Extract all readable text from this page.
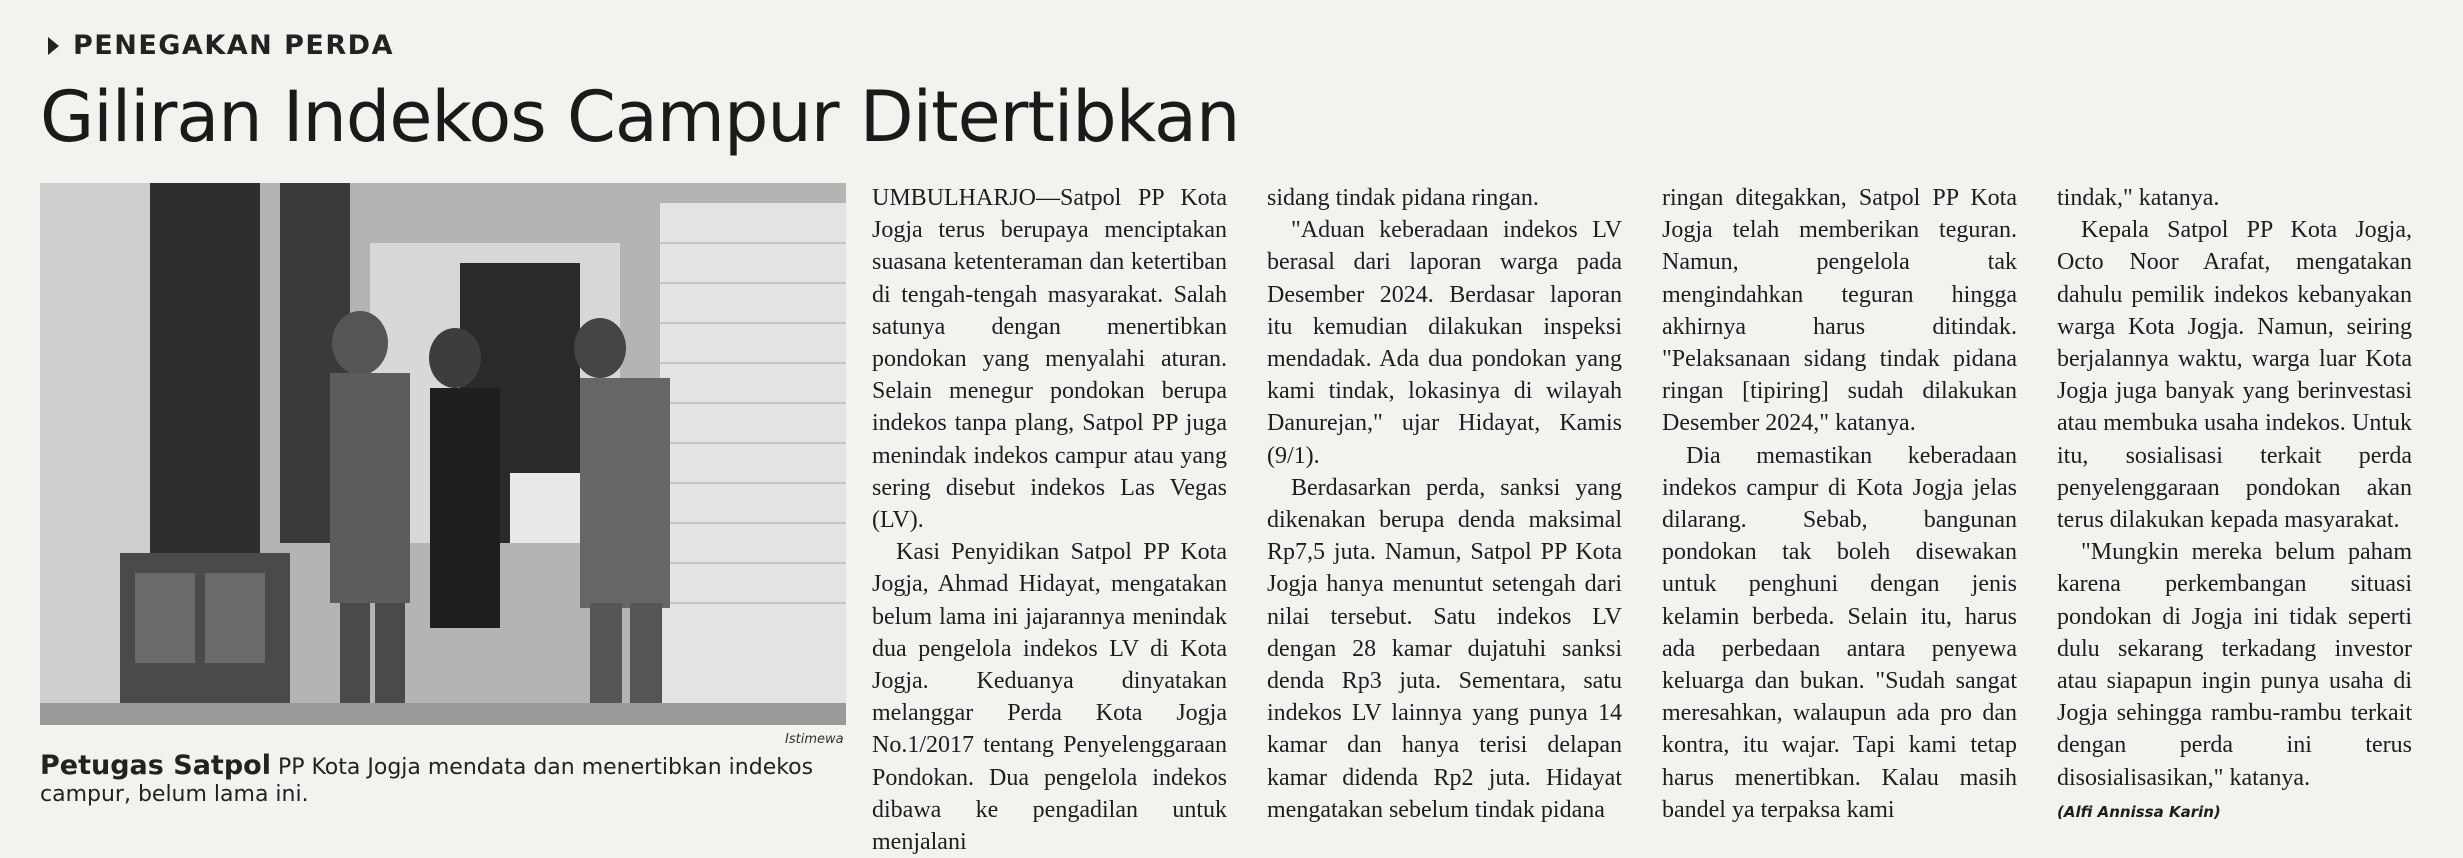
PENEGAKAN PERDA
Giliran Indekos Campur Ditertibkan
Istimewa
Petugas Satpol PP Kota Jogja mendata dan menertibkan indekos campur, belum lama ini.

UMBULHARJO—Satpol PP Kota Jogja terus berupaya menciptakan suasana ketenteraman dan ketertiban di tengah-tengah masyarakat. Salah satunya dengan menertibkan pondokan yang menyalahi aturan. Selain menegur pondokan berupa indekos tanpa plang, Satpol PP juga menindak indekos campur atau yang sering disebut indekos Las Vegas (LV).

Kasi Penyidikan Satpol PP Kota Jogja, Ahmad Hidayat, mengatakan belum lama ini jajarannya menindak dua pengelola indekos LV di Kota Jogja. Keduanya dinyatakan melanggar Perda Kota Jogja No.1/2017 tentang Penyelenggaraan Pondokan. Dua pengelola indekos dibawa ke pengadilan untuk menjalani

sidang tindak pidana ringan.

"Aduan keberadaan indekos LV berasal dari laporan warga pada Desember 2024. Berdasar laporan itu kemudian dilakukan inspeksi mendadak. Ada dua pondokan yang kami tindak, lokasinya di wilayah Danurejan," ujar Hidayat, Kamis (9/1).

Berdasarkan perda, sanksi yang dikenakan berupa denda maksimal Rp7,5 juta. Namun, Satpol PP Kota Jogja hanya menuntut setengah dari nilai tersebut. Satu indekos LV dengan 28 kamar dujatuhi sanksi denda Rp3 juta. Sementara, satu indekos LV lainnya yang punya 14 kamar dan hanya terisi delapan kamar didenda Rp2 juta. Hidayat mengatakan sebelum tindak pidana

ringan ditegakkan, Satpol PP Kota Jogja telah memberikan teguran. Namun, pengelola tak mengindahkan teguran hingga akhirnya harus ditindak. "Pelaksanaan sidang tindak pidana ringan [tipiring] sudah dilakukan Desember 2024," katanya.

Dia memastikan keberadaan indekos campur di Kota Jogja jelas dilarang. Sebab, bangunan pondokan tak boleh disewakan untuk penghuni dengan jenis kelamin berbeda. Selain itu, harus ada perbedaan antara penyewa keluarga dan bukan. "Sudah sangat meresahkan, walaupun ada pro dan kontra, itu wajar. Tapi kami tetap harus menertibkan. Kalau masih bandel ya terpaksa kami

tindak," katanya.

Kepala Satpol PP Kota Jogja, Octo Noor Arafat, mengatakan dahulu pemilik indekos kebanyakan warga Kota Jogja. Namun, seiring berjalannya waktu, warga luar Kota Jogja juga banyak yang berinvestasi atau membuka usaha indekos. Untuk itu, sosialisasi terkait perda penyelenggaraan pondokan akan terus dilakukan kepada masyarakat.

"Mungkin mereka belum paham karena perkembangan situasi pondokan di Jogja ini tidak seperti dulu sekarang terkadang investor atau siapapun ingin punya usaha di Jogja sehingga rambu-rambu terkait dengan perda ini terus disosialisasikan," katanya.

(Alfi Annissa Karin)
